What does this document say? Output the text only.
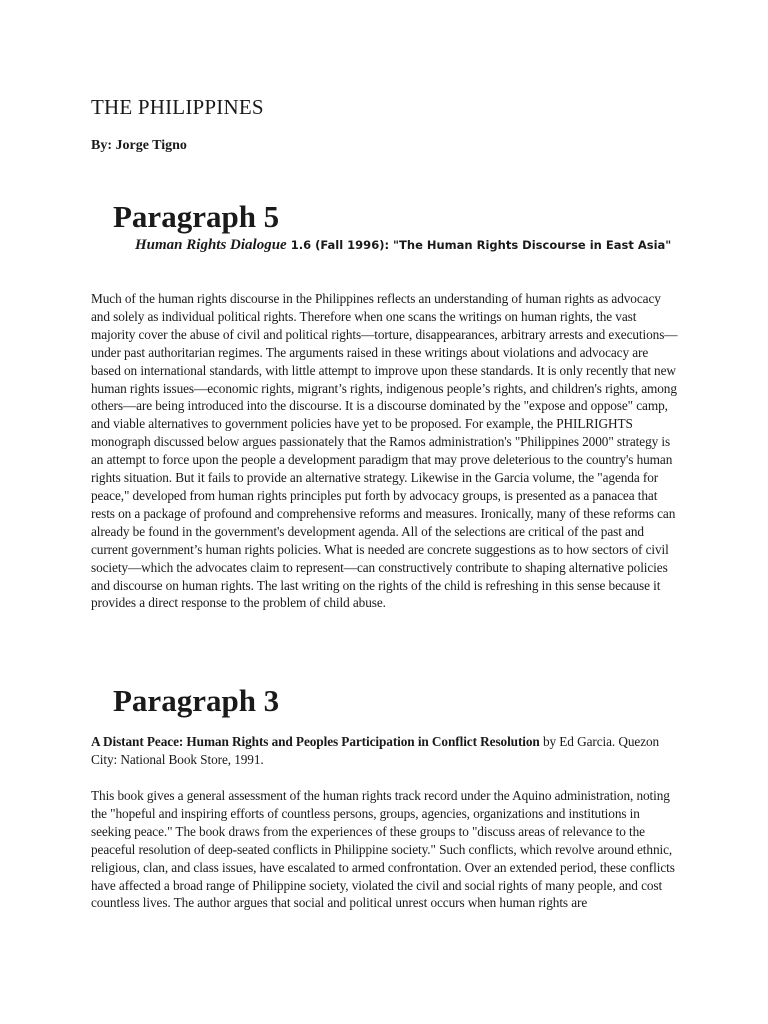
THE PHILIPPINES
By: Jorge Tigno
Paragraph 5
Human Rights Dialogue 1.6 (Fall 1996): "The Human Rights Discourse in East Asia"

Much of the human rights discourse in the Philippines reflects an understanding of human rights as advocacy and solely as individual political rights. Therefore when one scans the writings on human rights, the vast majority cover the abuse of civil and political rights—torture, disappearances, arbitrary arrests and executions—under past authoritarian regimes. The arguments raised in these writings about violations and advocacy are based on international standards, with little attempt to improve upon these standards. It is only recently that new human rights issues—economic rights, migrant’s rights, indigenous people’s rights, and children's rights, among others—are being introduced into the discourse. It is a discourse dominated by the "expose and oppose" camp, and viable alternatives to government policies have yet to be proposed. For example, the PHILRIGHTS monograph discussed below argues passionately that the Ramos administration's "Philippines 2000" strategy is an attempt to force upon the people a development paradigm that may prove deleterious to the country's human rights situation. But it fails to provide an alternative strategy. Likewise in the Garcia volume, the "agenda for peace," developed from human rights principles put forth by advocacy groups, is presented as a panacea that rests on a package of profound and comprehensive reforms and measures. Ironically, many of these reforms can already be found in the government's development agenda. All of the selections are critical of the past and current government’s human rights policies. What is needed are concrete suggestions as to how sectors of civil society—which the advocates claim to represent—can constructively contribute to shaping alternative policies and discourse on human rights. The last writing on the rights of the child is refreshing in this sense because it provides a direct response to the problem of child abuse.

Paragraph 3

A Distant Peace: Human Rights and Peoples Participation in Conflict Resolution by Ed Garcia. Quezon City: National Book Store, 1991.

This book gives a general assessment of the human rights track record under the Aquino administration, noting the "hopeful and inspiring efforts of countless persons, groups, agencies, organizations and institutions in seeking peace." The book draws from the experiences of these groups to "discuss areas of relevance to the peaceful resolution of deep-seated conflicts in Philippine society." Such conflicts, which revolve around ethnic, religious, clan, and class issues, have escalated to armed confrontation. Over an extended period, these conflicts have affected a broad range of Philippine society, violated the civil and social rights of many people, and cost countless lives. The author argues that social and political unrest occurs when human rights are
